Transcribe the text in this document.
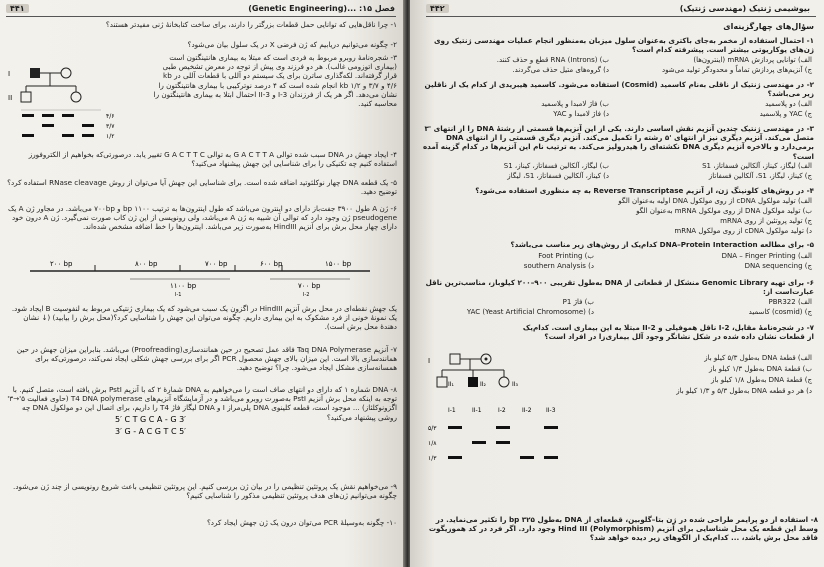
۴۴۱	فصل ۱۵: ...(Genetic Engineering)
۱- چرا ناقل‌هایی که توانایی حمل قطعات بزرگتر را دارند، برای ساخت کتابخانهٔ ژنی مفیدتر هستند؟
۲- چگونه می‌توانیم دریابیم که ژن فرضی X در یک سلول بیان می‌شود؟
۳- شجره‌نامهٔ روبرو مربوط به فردی است که مبتلا به بیماری هانتینگتون است (بیماری اتوزومی غالب). هر دو فرزند وی پیش از توجه در معرض تشخیص طبی قرار گرفته‌اند. لکه‌گذاری ساترن برای یک سیستم دو آللی با قطعات آللی در kb ۴/۶ و ۳/۷ و kb ۱/۲ انجام شده است که ۴ درصد نوترکیبی با بیماری هانتینگتون را نشان می‌دهد. اگر هر یک از فرزندان I-3 و II-3 احتمال ابتلا به بیماری هانتینگتون را محاسبه کنید.
I
II
۴/۶
۳/۷
۱/۲
۴- ایجاد جهش در DNA سبب شده توالی G A C T T A به توالی G A C T T C تغییر یابد. درصورتی‌که بخواهیم از الکتروفورز استفاده کنیم چه تکنیکی را برای شناسایی این جهش پیشنهاد می‌کنید؟
۵- یک قطعه DNA چهار نوکلئوتید اضافه شده است. برای شناسایی این جهش آیا می‌توان از روش RNase cleavage استفاده کرد؟ توضیح دهید.
۶- ژن A طول ۳۹۰۰ جفت‌باز دارای دو اینترون می‌باشد که طول اینترون‌ها به ترتیب ۱۱۰۰ bp و ۷۰۰bp می‌باشد. در مجاور ژن A یک pseudogene ژن وجود دارد که توالی آن شبیه به ژن A می‌باشد، ولی رونویسی از این ژن کاب صورت نمی‌گیرد. ژن A درون خود دارای چهار محل برش برای آنزیم HindIII به‌صورت زیر می‌باشد. اینترون‌ها را خط اضافه مشخص شده‌اند.
۱۵۰۰ bp
۶۰۰ bp
۷۰۰ bp
۸۰۰ bp
۲۰۰ bp
۱۱۰۰ bp	۷۰۰ bp
I-1	I-2
یک جهش نقطه‌ای در محل برش آنزیم HindIII در اگزون یک سبب می‌شود که یک بیماری ژنتیکی مربوط به لنفوسیت B ایجاد شود. یک نمونهٔ خونی از فرد مشکوک به این بیماری داریم. چگونه می‌توان این جهش را شناسایی کرد؟(محل برش را بیابید) (↓ نشان دهندهٔ محل برش است).
۷- آنزیم Taq DNA Polymerase فاقد عمل تصحیح در حین همانندسازی(Proofreading) می‌باشد. بنابراین میزان جهش در حین همانندسازی بالا است. این میزان بالای جهش محصول PCR اگر برای بررسی جهش شکلی ایجاد نمی‌کند، درصورتی‌که برای همسانه‌سازی مشکل ایجاد می‌شود. چرا؟ توضیح دهید.
۸- DNA شماره ۱ که دارای دو انتهای صاف است را می‌خواهیم به DNA شمارهٔ ۲ که با آنزیم PstI برش یافته است، متصل کنیم. با توجه به اینکه محل برش آنزیم PstI به‌صورت روبرو می‌باشد و در آزمایشگاه آنزیم‌های T4 DNA polymerase (حاوی فعالیت ۵'→۳' اگزونوکلئاز) ... موجود است، قطعه کلینوی DNA پلی‌مراز I و DNA لیگاز فاژ T4 را داریم، برای اتصال این دو مولکول DNA چه روشی پیشنهاد می‌کنید؟
5′ C T G C A - G 3′
3′ G - A C G T C 5′
۹- می‌خواهیم نقش یک پروتئین تنظیمی را در بیان ژن بررسی کنیم. این پروتئین تنظیمی باعث شروع رونویسی از چند ژن می‌شود. چگونه می‌توانیم ژن‌های هدف پروتئین تنظیمی مذکور را شناسایی کنیم؟
۱۰- چگونه به‌وسیلهٔ PCR می‌توان درون یک ژن جهش ایجاد کرد؟
۴۴۲	بیوشیمی ژنتیک (مهندسی ژنتیک)
سؤال‌های چهارگزینه‌ای
۱- احتمال استفاده از مخمر به‌جای باکتری به‌عنوان سلول میزبان به‌منظور انجام عملیات مهندسی ژنتیک روی ژن‌های یوکاریوتی بیشتر است. پیشرفته کدام است؟
الف) توانایی پردازش mRNA (اینترون‌ها)
ب) RNA (Introns) قطع و حذف کنند.
ج) آنزیم‌های پردازش تماماً و محدودگر تولید می‌شود
د) گروه‌های متیل حذف می‌گردند.
۲- در مهندسی ژنتیک از ناقلی به‌نام کاسمید (Cosmid) استفاده می‌شود. کاسمید هیبریدی از کدام یک از ناقلین زیر می‌باشد؟
الف) دو پلاسمید
ب) فاژ لامبدا و پلاسمید
ج) YAC و پلاسمید
د) فاژ لامبدا و YAC
۳- در مهندسی ژنتیک چندین آنزیم نقش اساسی دارند. یکی از این آنزیم‌ها قسمتی از رشتهٔ DNA را از انتهای '۳ متصل می‌کند. آنزیم دیگری نیز از انتهای '۵ رشته را تکمیل می‌کند. آنزیم دیگری قسمتی را از انتهای DNA برمی‌دارد و بالاخره آنزیم دیگری DNA نکشته‌ای را هیدرولیز می‌کند. به ترتیب نام این آنزیم‌ها در کدام گزینه آمده است؟
الف) لیگاز، کیناز، آلکالین فسفاتاز، S1
ب) لیگاز، آلکالین فسفاتاز، کیناز، S1
ج) کیناز، لیگاز، S1، آلکالین فسفاتاز
د) کیناز، آلکالین فسفاتاز، S1، لیگاز
۴- در روش‌های کلونینگ ژن، از آنزیم Reverse Transcriptase به چه منظوری استفاده می‌شود؟
الف) تولید مولکول cDNA از روی مولکول DNA اولیه به‌عنوان الگو
ب) تولید مولکول DNA از روی مولکول mRNA به‌عنوان الگو
ج) تولید پروتئین از روی mRNA
د) تولید مولکول cDNA از روی مولکول mRNA
۵- برای مطالعه DNA–Protein Interaction کدام‌یک از روش‌های زیر مناسب می‌باشد؟
الف) DNA – Finger Printing
ب) Foot Printing
ج) DNA sequencing
د) southern Analysis
۶- برای تهیه Genomic Library منشکل از قطعاتی از DNA به‌طول تقریبی ۹۰۰–۲۰۰ کیلوباز، مناسب‌ترین ناقل عبارت‌است از:
الف) PBR322
ب) فاژ P1
ج) (cosmid) کاسمید
د) YAC (Yeast Artificial Chromosome)
۷- در شجره‌نامهٔ مقابل، I-2 ناقل هموفیلی و II-2 مبتلا به این بیماری است. کدام‌یک از قطعات نشان داده شده در شکل نشانگر وجود آلل بیماری‌زا در افراد است؟
الف) قطعهٔ DNA به‌طول ۵/۳ کیلو باز
ب) قطعهٔ DNA به‌طول ۱/۳ کیلو باز
ج) قطعهٔ DNA به‌طول ۱/۸ کیلو باز
د) هر دو قطعه DNA به‌طول ۵/۳ و ۱/۳ کیلو باز
I
II₁	II₂	II₃
I-1	II-1	I-2	II-2 II-3
۵/۳
۱/۸
۱/۳
۸- استفاده از دو پرایمر طراحی شده در ژن بتا–گلوبین، قطعه‌ای از DNA به‌طول ۳۲۵ bp را تکثیر می‌نماید. در وسط این قطعه یک محل شناسایی برای آنزیم Hind III (Polymorphism) وجود دارد. اگر فرد در کد هموزیگوت فاقد محل برش باشد، ... کدام‌یک از الگوهای زیر دیده خواهد شد؟
